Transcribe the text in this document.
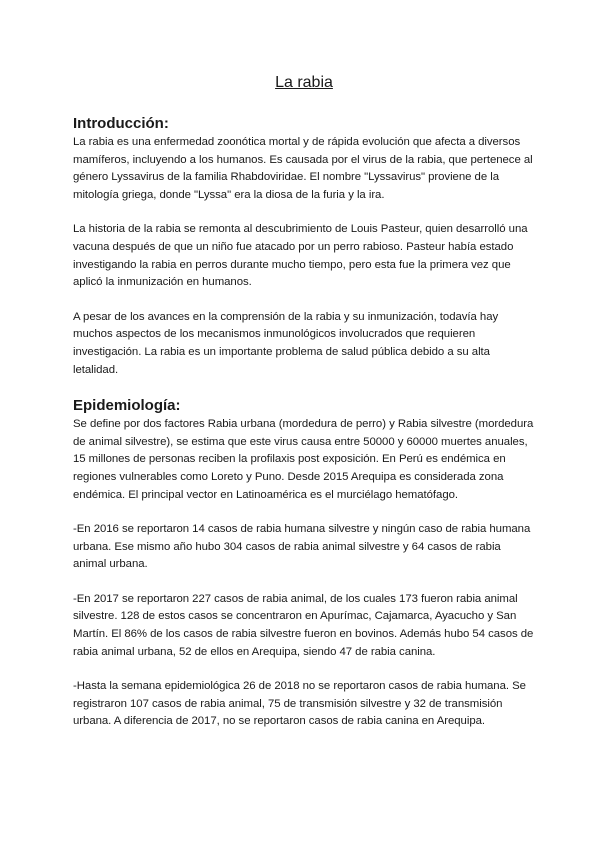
La rabia
Introducción:

La rabia es una enfermedad zoonótica mortal y de rápida evolución que afecta a diversos mamíferos, incluyendo a los humanos. Es causada por el virus de la rabia, que pertenece al género Lyssavirus de la familia Rhabdoviridae. El nombre "Lyssavirus" proviene de la mitología griega, donde "Lyssa" era la diosa de la furia y la ira.

La historia de la rabia se remonta al descubrimiento de Louis Pasteur, quien desarrolló una vacuna después de que un niño fue atacado por un perro rabioso. Pasteur había estado investigando la rabia en perros durante mucho tiempo, pero esta fue la primera vez que aplicó la inmunización en humanos.

A pesar de los avances en la comprensión de la rabia y su inmunización, todavía hay muchos aspectos de los mecanismos inmunológicos involucrados que requieren investigación. La rabia es un importante problema de salud pública debido a su alta letalidad.

Epidemiología:

Se define por dos factores Rabia urbana (mordedura de perro) y Rabia silvestre (mordedura de animal silvestre), se estima que este virus causa entre 50000 y 60000 muertes anuales, 15 millones de personas reciben la profilaxis post exposición. En Perú es endémica en regiones vulnerables como Loreto y Puno. Desde 2015 Arequipa es considerada zona endémica. El principal vector en Latinoamérica es el murciélago hematófago.

-En 2016 se reportaron 14 casos de rabia humana silvestre y ningún caso de rabia humana urbana. Ese mismo año hubo 304 casos de rabia animal silvestre y 64 casos de rabia animal urbana.

-En 2017 se reportaron 227 casos de rabia animal, de los cuales 173 fueron rabia animal silvestre. 128 de estos casos se concentraron en Apurímac, Cajamarca, Ayacucho y San Martín. El 86% de los casos de rabia silvestre fueron en bovinos. Además hubo 54 casos de rabia animal urbana, 52 de ellos en Arequipa, siendo 47 de rabia canina.

-Hasta la semana epidemiológica 26 de 2018 no se reportaron casos de rabia humana. Se registraron 107 casos de rabia animal, 75 de transmisión silvestre y 32 de transmisión urbana. A diferencia de 2017, no se reportaron casos de rabia canina en Arequipa.
